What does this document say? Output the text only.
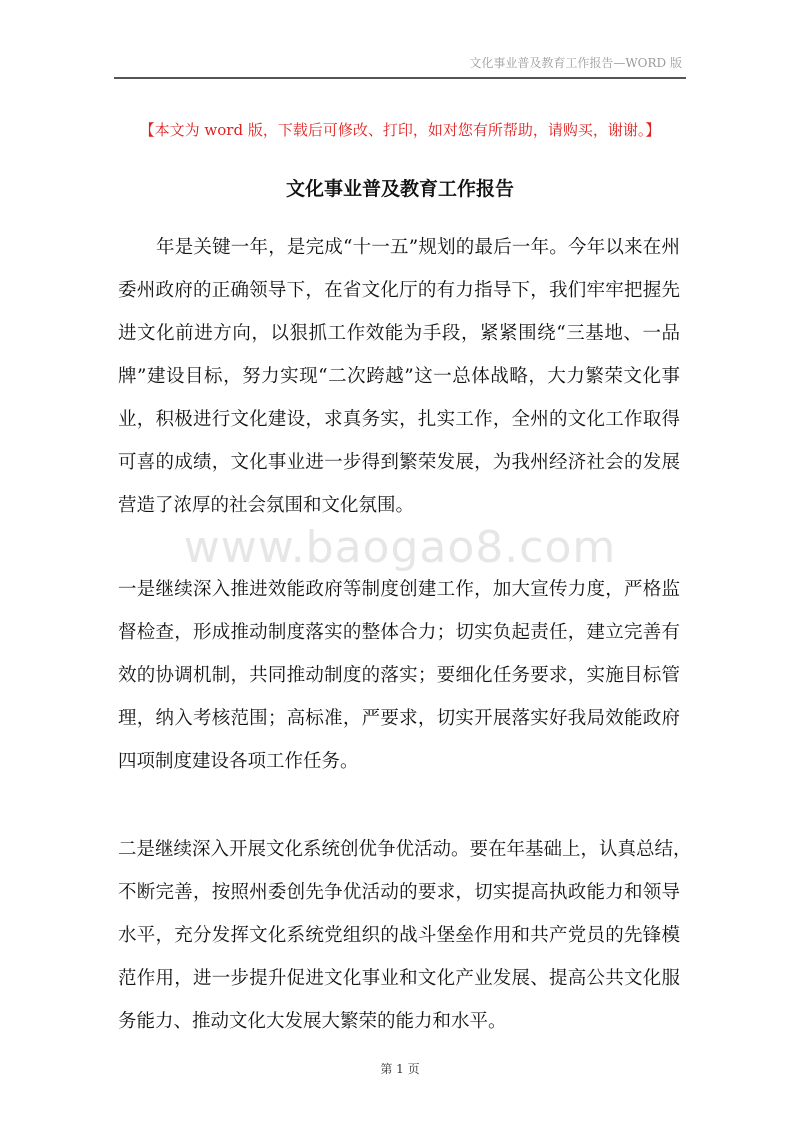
文化事业普及教育工作报告—WORD 版
【本文为 word 版，下载后可修改、打印，如对您有所帮助，请购买，谢谢。】
文化事业普及教育工作报告
年是关键一年，是完成“十一五”规划的最后一年。今年以来在州
委州政府的正确领导下，在省文化厅的有力指导下，我们牢牢把握先
进文化前进方向，以狠抓工作效能为手段，紧紧围绕“三基地、一品
牌”建设目标，努力实现“二次跨越”这一总体战略，大力繁荣文化事
业，积极进行文化建设，求真务实，扎实工作，全州的文化工作取得
可喜的成绩，文化事业进一步得到繁荣发展，为我州经济社会的发展
营造了浓厚的社会氛围和文化氛围。
www.baogao8.com
一是继续深入推进效能政府等制度创建工作，加大宣传力度，严格监
督检查，形成推动制度落实的整体合力；切实负起责任，建立完善有
效的协调机制，共同推动制度的落实；要细化任务要求，实施目标管
理，纳入考核范围；高标准，严要求，切实开展落实好我局效能政府
四项制度建设各项工作任务。
二是继续深入开展文化系统创优争优活动。要在年基础上，认真总结，
不断完善，按照州委创先争优活动的要求，切实提高执政能力和领导
水平，充分发挥文化系统党组织的战斗堡垒作用和共产党员的先锋模
范作用，进一步提升促进文化事业和文化产业发展、提高公共文化服
务能力、推动文化大发展大繁荣的能力和水平。
第 1 页
